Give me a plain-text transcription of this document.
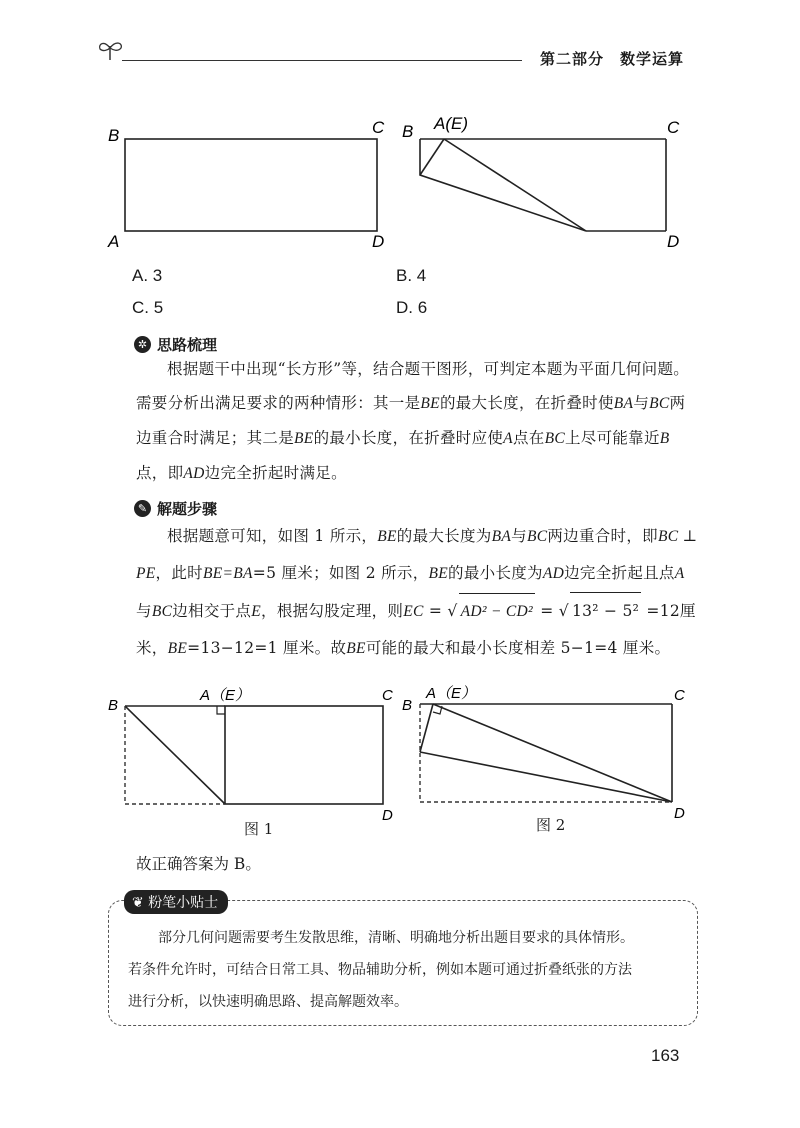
第二部分　数学运算
B	C
A	D
B A(E)	C
D
A. 3	B. 4
C. 5	D. 6
✲ 思路梳理
根据题干中出现“长方形”等，结合题干图形，可判定本题为平面几何问题。需要分析出满足要求的两种情形：其一是BE的最大长度，在折叠时使BA与BC两边重合时满足；其二是BE的最小长度，在折叠时应使A点在BC上尽可能靠近B点，即AD边完全折起时满足。
✎ 解题步骤
根据题意可知，如图 1 所示，BE的最大长度为BA与BC两边重合时，即BC ⊥ PE，此时BE=BA=5 厘米；如图 2 所示，BE的最小长度为AD边完全折起且点A与BC边相交于点E，根据勾股定理，则EC = √ AD² − CD² = √ 13² − 5² =12厘米，BE=13−12=1 厘米。故BE可能的最大和最小长度相差 5−1=4 厘米。
B
A（E）	C
D
B
A（E）	C
D
图 1	图 2
故正确答案为 B。
❦ 粉笔小贴士
部分几何问题需要考生发散思维，清晰、明确地分析出题目要求的具体情形。
若条件允许时，可结合日常工具、物品辅助分析，例如本题可通过折叠纸张的方法
进行分析，以快速明确思路、提高解题效率。
163
